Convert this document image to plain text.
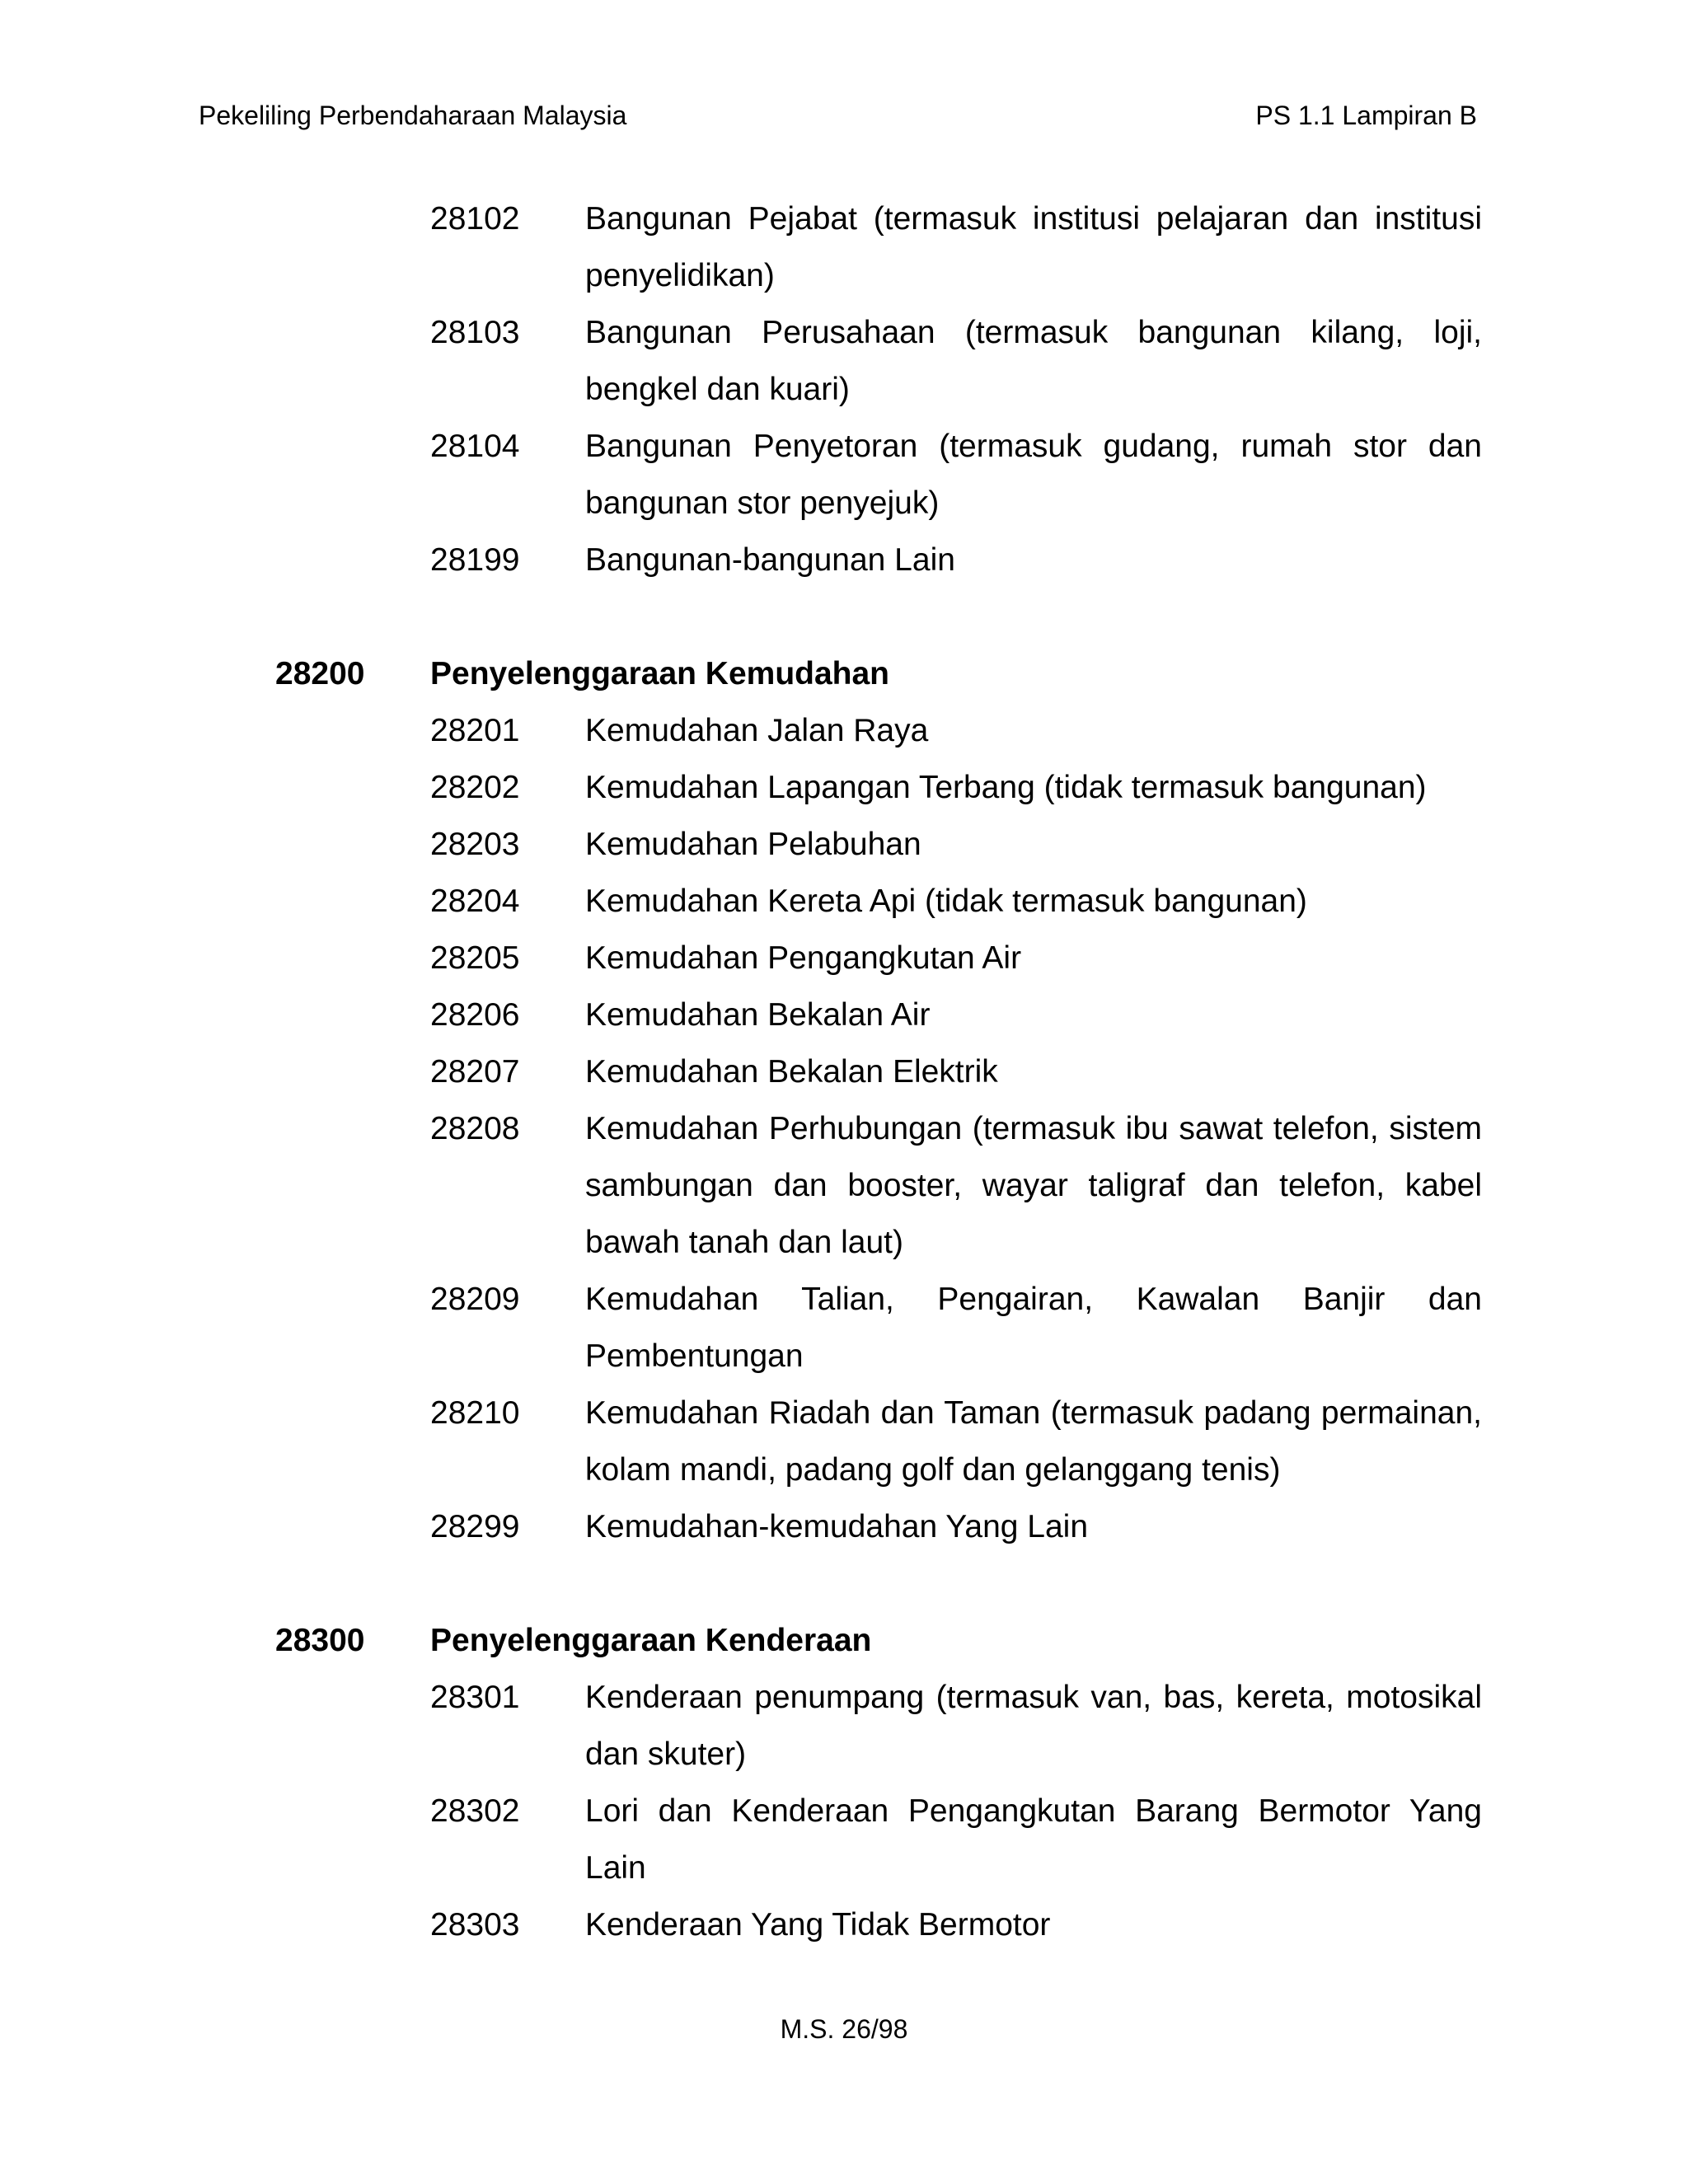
Pekeliling Perbendaharaan Malaysia	PS 1.1 Lampiran B
28102	Bangunan Pejabat (termasuk institusi pelajaran dan institusi penyelidikan)
28103	Bangunan Perusahaan (termasuk bangunan kilang, loji, bengkel dan kuari)
28104	Bangunan Penyetoran (termasuk gudang, rumah stor dan bangunan stor penyejuk)
28199	Bangunan-bangunan Lain
28200	Penyelenggaraan Kemudahan
28201	Kemudahan Jalan Raya
28202	Kemudahan Lapangan Terbang (tidak termasuk bangunan)
28203	Kemudahan Pelabuhan
28204	Kemudahan Kereta Api (tidak termasuk bangunan)
28205	Kemudahan Pengangkutan Air
28206	Kemudahan Bekalan Air
28207	Kemudahan Bekalan Elektrik
28208	Kemudahan Perhubungan (termasuk ibu sawat telefon, sistem sambungan dan booster, wayar taligraf dan telefon, kabel bawah tanah dan laut)
28209	Kemudahan Talian, Pengairan, Kawalan Banjir dan Pembentungan
28210	Kemudahan Riadah dan Taman (termasuk padang permainan, kolam mandi, padang golf dan gelanggang tenis)
28299	Kemudahan-kemudahan Yang Lain
28300	Penyelenggaraan Kenderaan
28301	Kenderaan penumpang (termasuk van, bas, kereta, motosikal dan skuter)
28302	Lori dan Kenderaan Pengangkutan Barang Bermotor Yang Lain
28303	Kenderaan Yang Tidak Bermotor
M.S. 26/98
